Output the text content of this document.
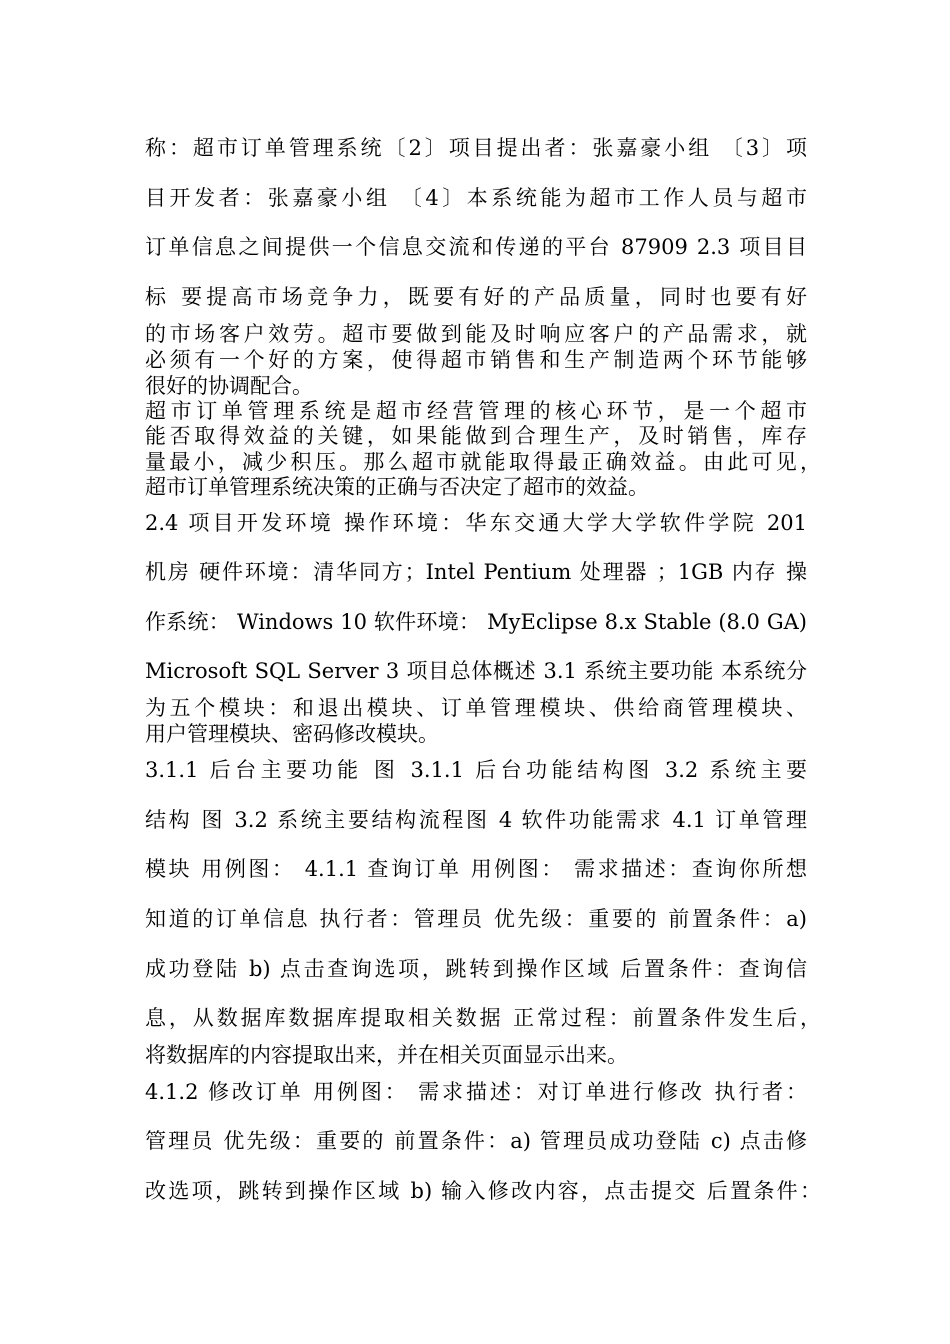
称：超市订单管理系统〔2〕项目提出者：张嘉豪小组 〔3〕项
目开发者：张嘉豪小组 〔4〕本系统能为超市工作人员与超市
订单信息之间提供一个信息交流和传递的平台 87909 2.3 项目目
标 要提高市场竞争力，既要有好的产品质量，同时也要有好
的市场客户效劳。超市要做到能及时响应客户的产品需求，就
必须有一个好的方案，使得超市销售和生产制造两个环节能够
很好的协调配合。
超市订单管理系统是超市经营管理的核心环节，是一个超市
能否取得效益的关键，如果能做到合理生产，及时销售，库存
量最小，减少积压。那么超市就能取得最正确效益。由此可见，
超市订单管理系统决策的正确与否决定了超市的效益。
2.4 项目开发环境 操作环境：华东交通大学大学软件学院 201
机房 硬件环境：清华同方；Intel Pentium 处理器 ；1GB 内存 操
作系统： Windows 10 软件环境： MyEclipse 8.x Stable (8.0 GA)
Microsoft SQL Server 3 项目总体概述 3.1 系统主要功能 本系统分
为五个模块：和退出模块、订单管理模块、供给商管理模块、
用户管理模块、密码修改模块。
3.1.1 后台主要功能 图 3.1.1 后台功能结构图 3.2 系统主要
结构 图 3.2 系统主要结构流程图 4 软件功能需求 4.1 订单管理
模块 用例图： 4.1.1 查询订单 用例图： 需求描述：查询你所想
知道的订单信息 执行者：管理员 优先级：重要的 前置条件：a)
成功登陆 b) 点击查询选项，跳转到操作区域 后置条件：查询信
息，从数据库数据库提取相关数据 正常过程：前置条件发生后，
将数据库的内容提取出来，并在相关页面显示出来。
4.1.2 修改订单 用例图： 需求描述：对订单进行修改 执行者：
管理员 优先级：重要的 前置条件：a) 管理员成功登陆 c) 点击修
改选项，跳转到操作区域 b) 输入修改内容，点击提交 后置条件：
